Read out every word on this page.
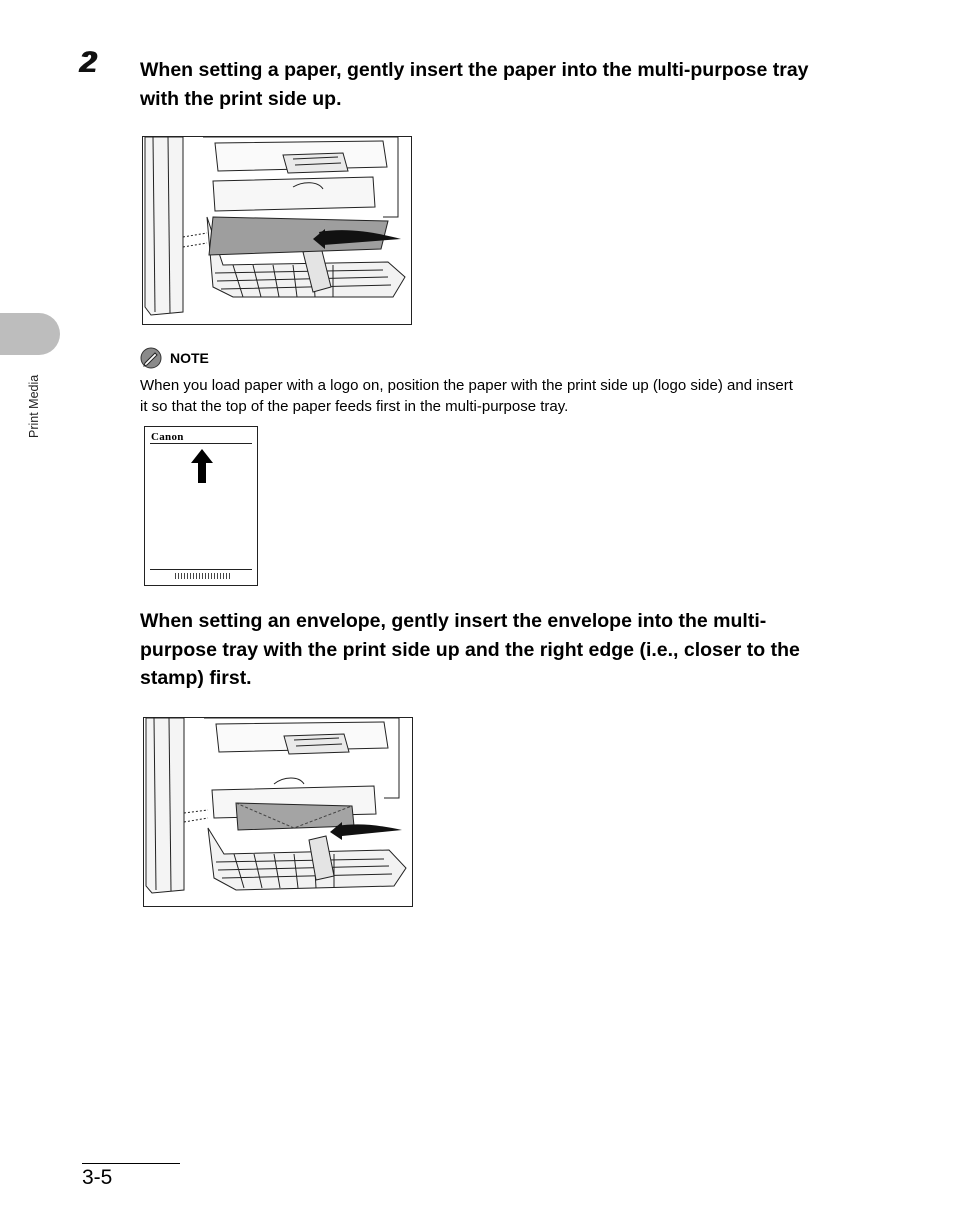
Print Media
2 When setting a paper, gently insert the paper into the multi-purpose tray
with the print side up.
NOTE
When you load paper with a logo on, position the paper with the print side up (logo side) and insert
it so that the top of the paper feeds first in the multi-purpose tray.
Canon
When setting an envelope, gently insert the envelope into the multi-
purpose tray with the print side up and the right edge (i.e., closer to the
stamp) first.
3-5
